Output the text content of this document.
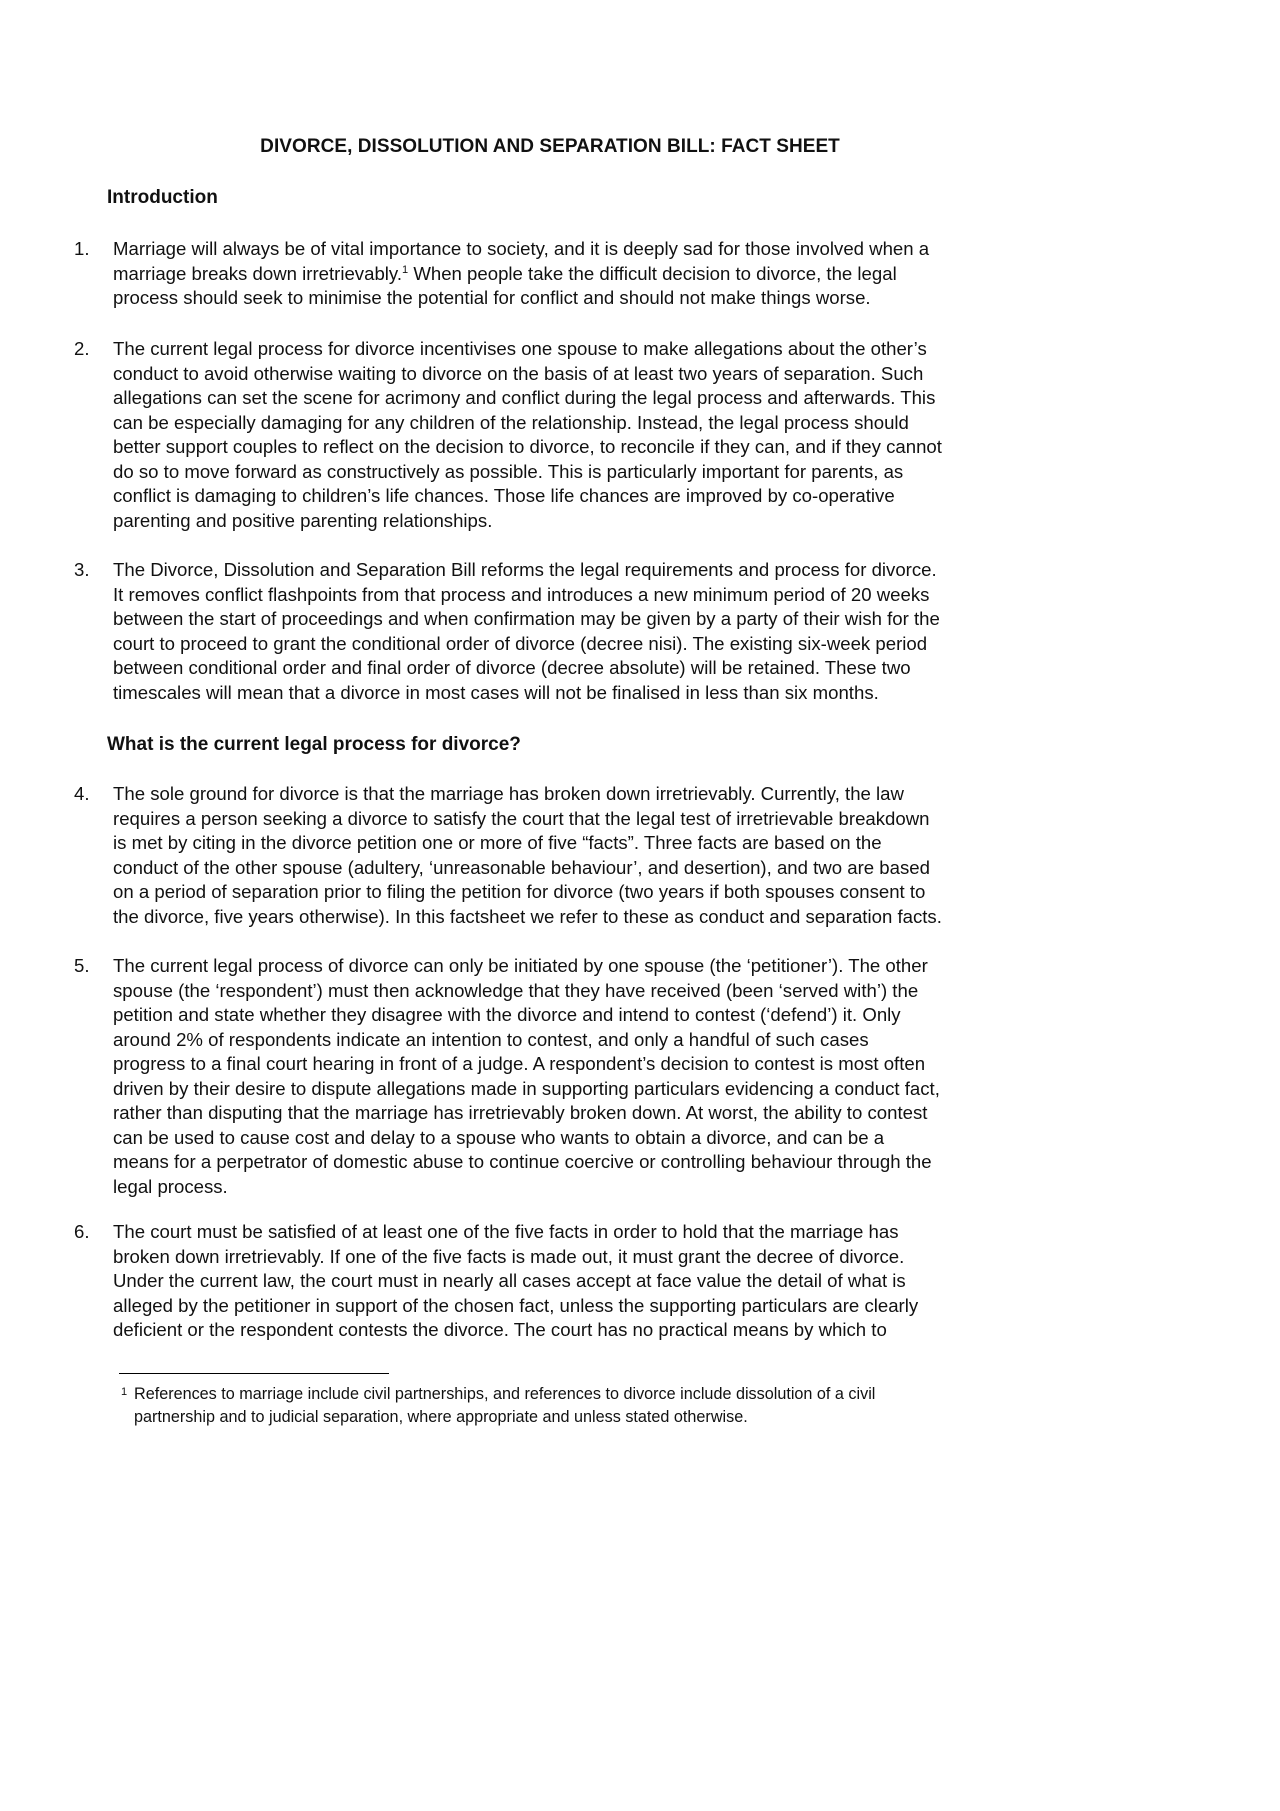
DIVORCE, DISSOLUTION AND SEPARATION BILL: FACT SHEET
Introduction
1. Marriage will always be of vital importance to society, and it is deeply sad for those involved when a
marriage breaks down irretrievably.$^1$ When people take the difficult decision to divorce, the legal
process should seek to minimise the potential for conflict and should not make things worse.
2. The current legal process for divorce incentivises one spouse to make allegations about the other’s
conduct to avoid otherwise waiting to divorce on the basis of at least two years of separation. Such
allegations can set the scene for acrimony and conflict during the legal process and afterwards. This
can be especially damaging for any children of the relationship. Instead, the legal process should
better support couples to reflect on the decision to divorce, to reconcile if they can, and if they cannot
do so to move forward as constructively as possible. This is particularly important for parents, as
conflict is damaging to children’s life chances. Those life chances are improved by co-operative
parenting and positive parenting relationships.
3. The Divorce, Dissolution and Separation Bill reforms the legal requirements and process for divorce.
It removes conflict flashpoints from that process and introduces a new minimum period of 20 weeks
between the start of proceedings and when confirmation may be given by a party of their wish for the
court to proceed to grant the conditional order of divorce (decree nisi). The existing six-week period
between conditional order and final order of divorce (decree absolute) will be retained. These two
timescales will mean that a divorce in most cases will not be finalised in less than six months.
What is the current legal process for divorce?
4. The sole ground for divorce is that the marriage has broken down irretrievably. Currently, the law
requires a person seeking a divorce to satisfy the court that the legal test of irretrievable breakdown
is met by citing in the divorce petition one or more of five “facts”. Three facts are based on the
conduct of the other spouse (adultery, ‘unreasonable behaviour’, and desertion), and two are based
on a period of separation prior to filing the petition for divorce (two years if both spouses consent to
the divorce, five years otherwise). In this factsheet we refer to these as conduct and separation facts.
5. The current legal process of divorce can only be initiated by one spouse (the ‘petitioner’). The other
spouse (the ‘respondent’) must then acknowledge that they have received (been ‘served with’) the
petition and state whether they disagree with the divorce and intend to contest (‘defend’) it. Only
around 2% of respondents indicate an intention to contest, and only a handful of such cases
progress to a final court hearing in front of a judge. A respondent’s decision to contest is most often
driven by their desire to dispute allegations made in supporting particulars evidencing a conduct fact,
rather than disputing that the marriage has irretrievably broken down. At worst, the ability to contest
can be used to cause cost and delay to a spouse who wants to obtain a divorce, and can be a
means for a perpetrator of domestic abuse to continue coercive or controlling behaviour through the
legal process.
6. The court must be satisfied of at least one of the five facts in order to hold that the marriage has
broken down irretrievably. If one of the five facts is made out, it must grant the decree of divorce.
Under the current law, the court must in nearly all cases accept at face value the detail of what is
alleged by the petitioner in support of the chosen fact, unless the supporting particulars are clearly
deficient or the respondent contests the divorce. The court has no practical means by which to
1 References to marriage include civil partnerships, and references to divorce include dissolution of a civil
partnership and to judicial separation, where appropriate and unless stated otherwise.
